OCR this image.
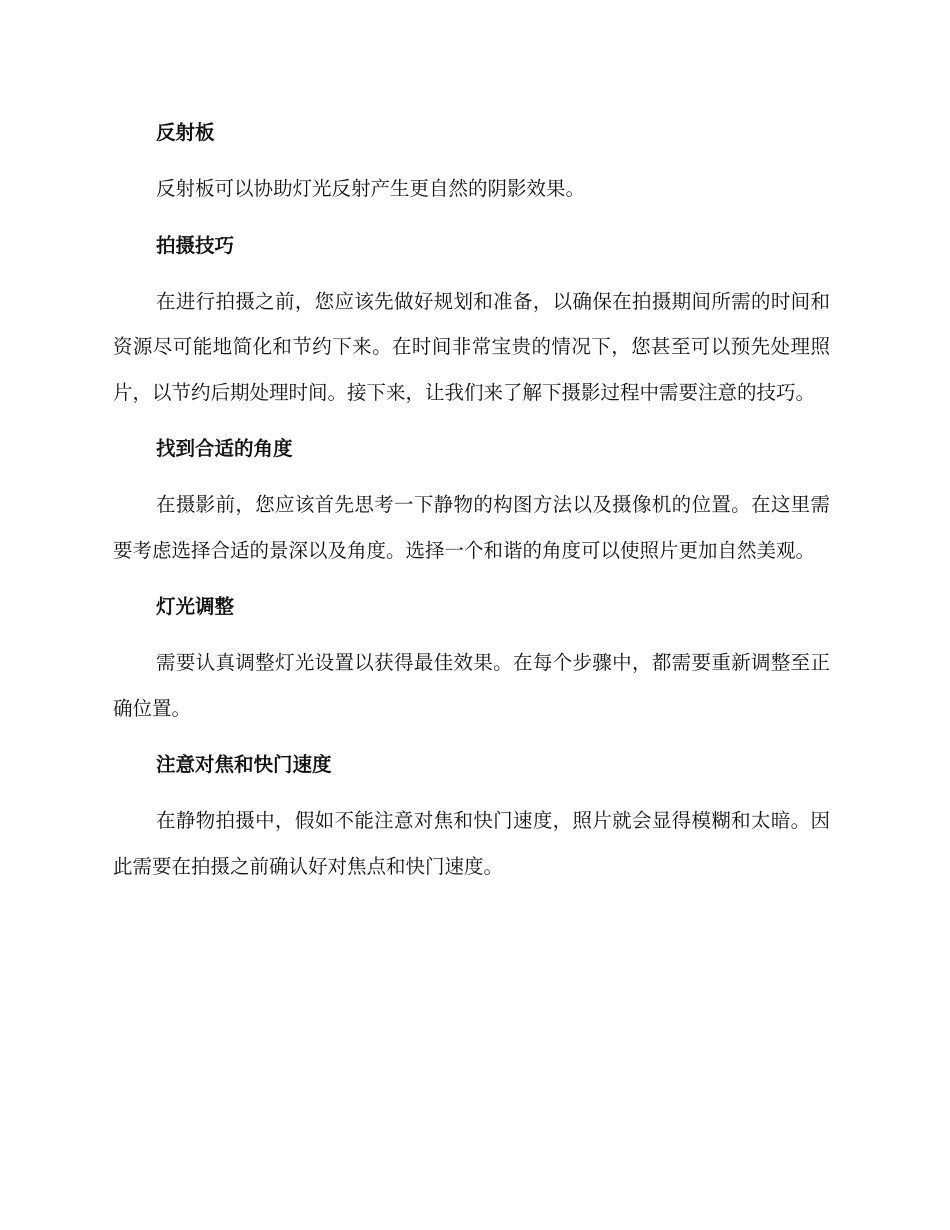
反射板

反射板可以协助灯光反射产生更自然的阴影效果。

拍摄技巧

在进行拍摄之前，您应该先做好规划和准备，以确保在拍摄期间所需的时间和资源尽可能地简化和节约下来。在时间非常宝贵的情况下，您甚至可以预先处理照片，以节约后期处理时间。接下来，让我们来了解下摄影过程中需要注意的技巧。

找到合适的角度

在摄影前，您应该首先思考一下静物的构图方法以及摄像机的位置。在这里需要考虑选择合适的景深以及角度。选择一个和谐的角度可以使照片更加自然美观。

灯光调整

需要认真调整灯光设置以获得最佳效果。在每个步骤中，都需要重新调整至正确位置。

注意对焦和快门速度

在静物拍摄中，假如不能注意对焦和快门速度，照片就会显得模糊和太暗。因此需要在拍摄之前确认好对焦点和快门速度。
